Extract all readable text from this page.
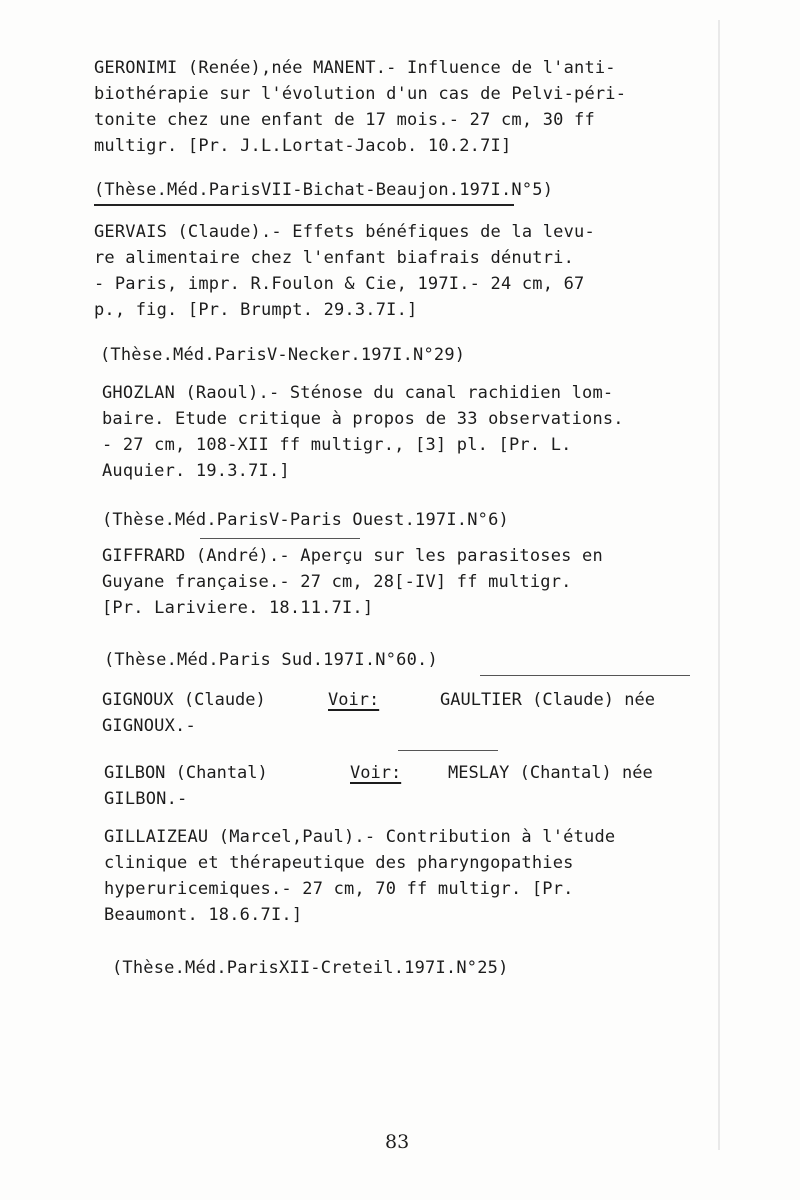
GERONIMI (Renée),née MANENT.- Influence de l'anti-
biothérapie sur l'évolution d'un cas de Pelvi-péri-
tonite chez une enfant de 17 mois.- 27 cm, 30 ff
multigr. [Pr. J.L.Lortat-Jacob. 10.2.7I]
(Thèse.Méd.ParisVII-Bichat-Beaujon.197I.N°5)
GERVAIS (Claude).- Effets bénéfiques de la levu-
re alimentaire chez l'enfant biafrais dénutri.
- Paris, impr. R.Foulon & Cie, 197I.- 24 cm, 67
p., fig. [Pr. Brumpt. 29.3.7I.]
(Thèse.Méd.ParisV-Necker.197I.N°29)
GHOZLAN (Raoul).- Sténose du canal rachidien lom-
baire. Etude critique à propos de 33 observations.
- 27 cm, 108-XII ff multigr., [3] pl. [Pr. L.
Auquier. 19.3.7I.]
(Thèse.Méd.ParisV-Paris Ouest.197I.N°6)
GIFFRARD (André).- Aperçu sur les parasitoses en
Guyane française.- 27 cm, 28[-IV] ff multigr.
[Pr. Lariviere. 18.11.7I.]
(Thèse.Méd.Paris Sud.197I.N°60.)
GIGNOUX (Claude)	Voir:	GAULTIER (Claude) née
GIGNOUX.-
GILBON (Chantal)	Voir:	MESLAY (Chantal) née
GILBON.-
GILLAIZEAU (Marcel,Paul).- Contribution à l'étude
clinique et thérapeutique des pharyngopathies
hyperuricemiques.- 27 cm, 70 ff multigr. [Pr.
Beaumont. 18.6.7I.]
(Thèse.Méd.ParisXII-Creteil.197I.N°25)
83
